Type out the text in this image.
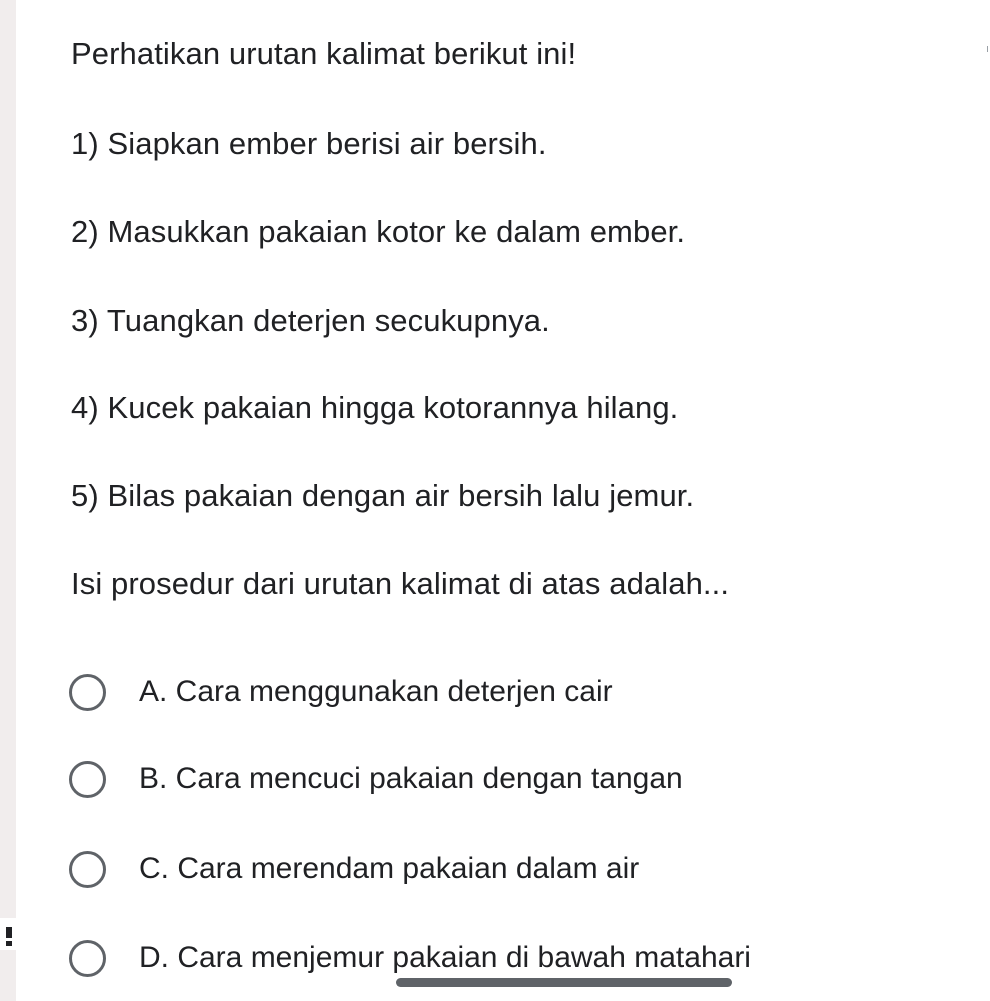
Perhatikan urutan kalimat berikut ini!
1) Siapkan ember berisi air bersih.
2) Masukkan pakaian kotor ke dalam ember.
3) Tuangkan deterjen secukupnya.
4) Kucek pakaian hingga kotorannya hilang.
5) Bilas pakaian dengan air bersih lalu jemur.
Isi prosedur dari urutan kalimat di atas adalah...
A. Cara menggunakan deterjen cair
B. Cara mencuci pakaian dengan tangan
C. Cara merendam pakaian dalam air
D. Cara menjemur pakaian di bawah matahari
